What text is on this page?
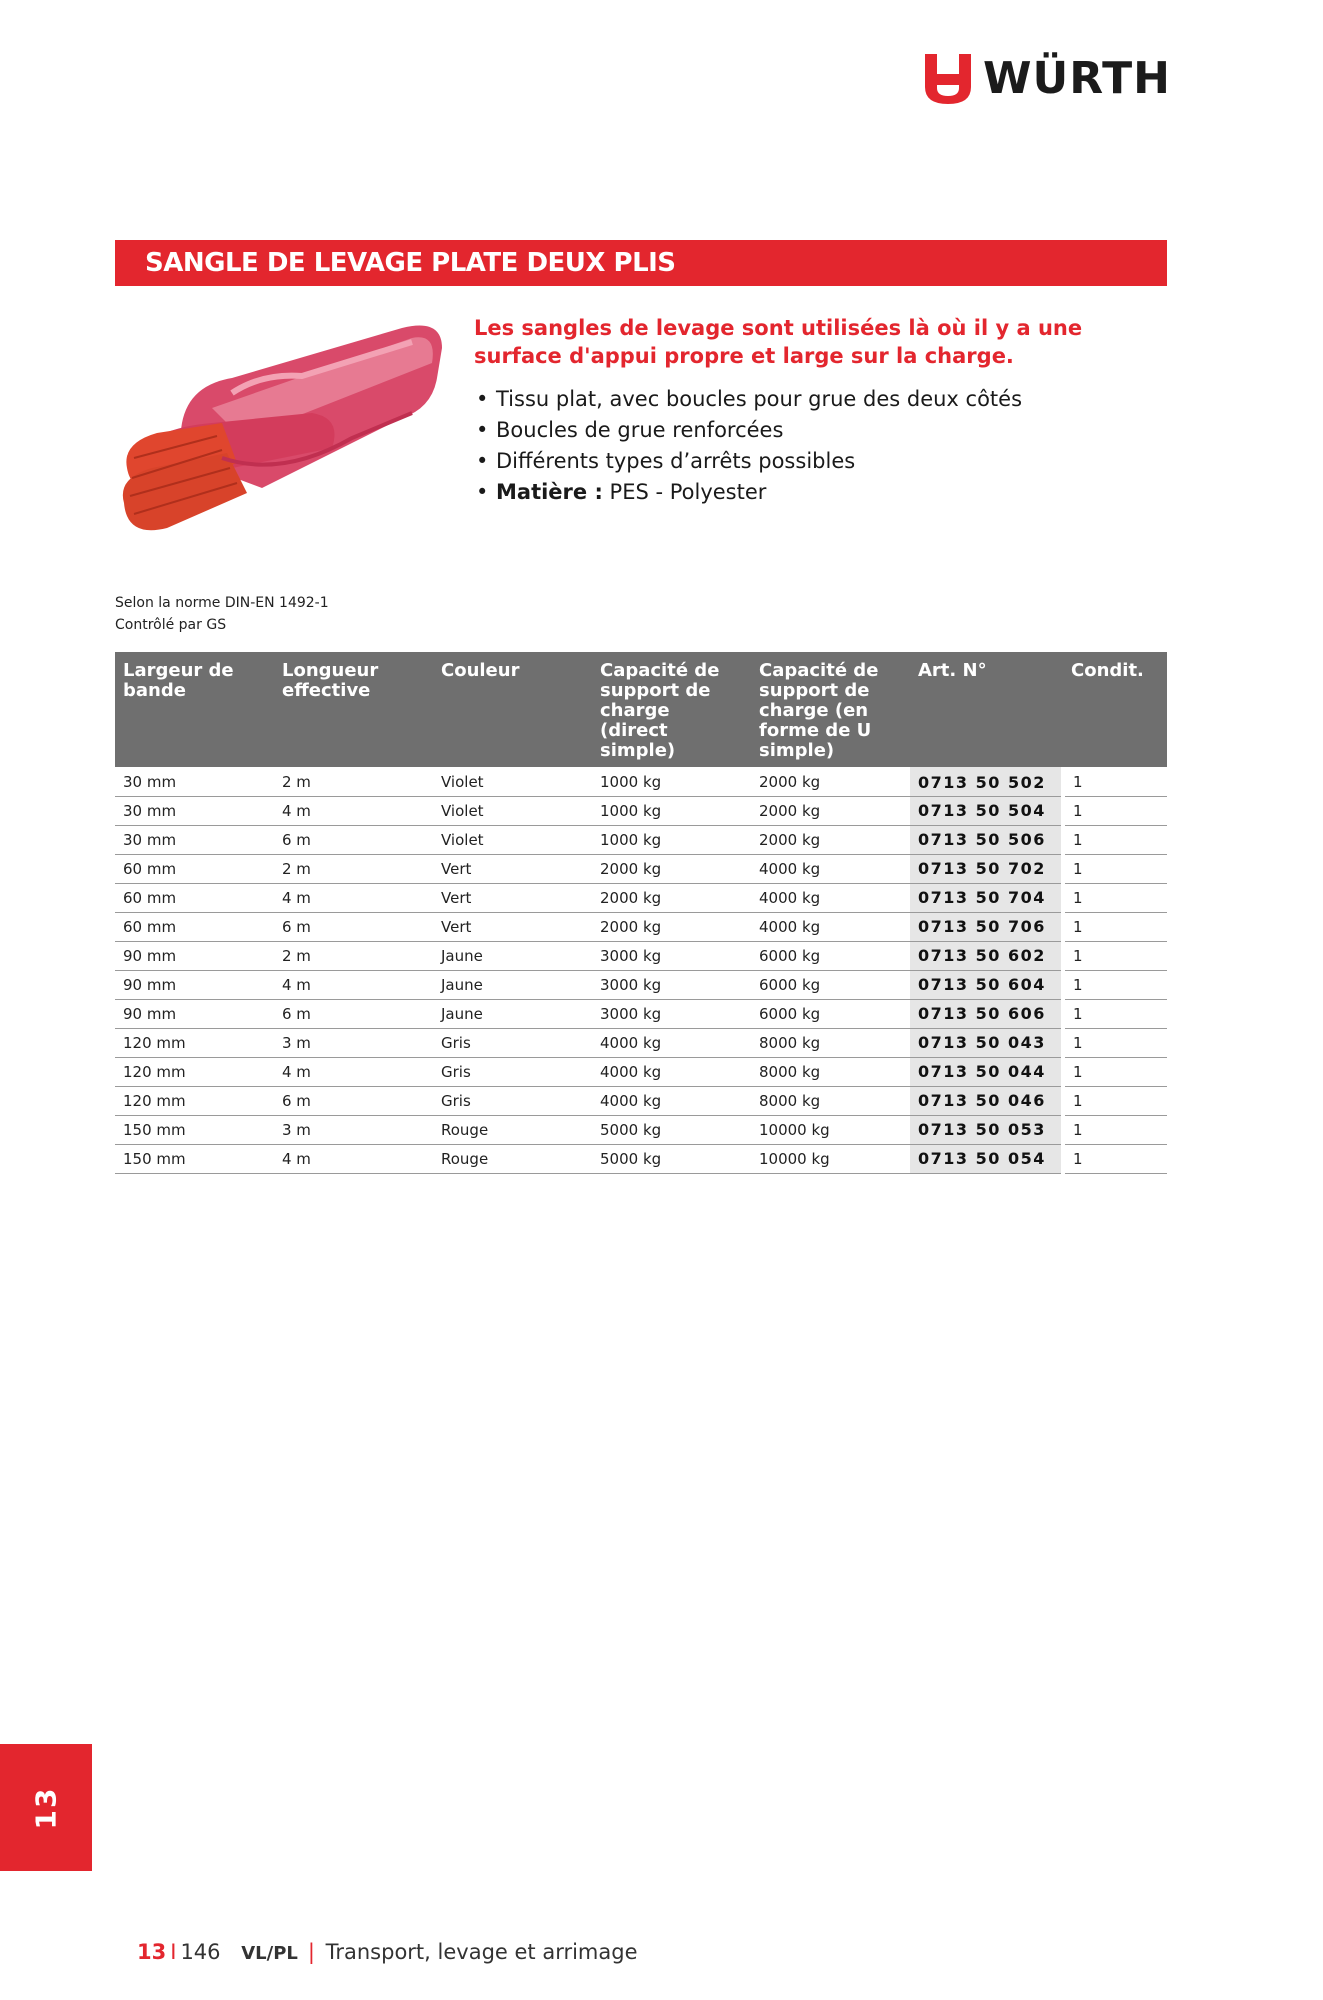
WÜRTH
SANGLE DE LEVAGE PLATE DEUX PLIS

Les sangles de levage sont utilisées là où il y a une surface d'appui propre et large sur la charge.

• Tissu plat, avec boucles pour grue des deux côtés
• Boucles de grue renforcées
• Différents types d’arrêts possibles
• Matière : PES - Polyester
Selon la norme DIN-EN 1492-1
Contrôlé par GS
Largeur de bande	Longueur effective	Couleur	Capacité de support de charge (direct simple)	Capacité de support de charge (en forme de U simple)	Art. N°	Condit.
30 mm	2 m	Violet	1000 kg	2000 kg	0713 50 502	1
30 mm	4 m	Violet	1000 kg	2000 kg	0713 50 504	1
30 mm	6 m	Violet	1000 kg	2000 kg	0713 50 506	1
60 mm	2 m	Vert	2000 kg	4000 kg	0713 50 702	1
60 mm	4 m	Vert	2000 kg	4000 kg	0713 50 704	1
60 mm	6 m	Vert	2000 kg	4000 kg	0713 50 706	1
90 mm	2 m	Jaune	3000 kg	6000 kg	0713 50 602	1
90 mm	4 m	Jaune	3000 kg	6000 kg	0713 50 604	1
90 mm	6 m	Jaune	3000 kg	6000 kg	0713 50 606	1
120 mm	3 m	Gris	4000 kg	8000 kg	0713 50 043	1
120 mm	4 m	Gris	4000 kg	8000 kg	0713 50 044	1
120 mm	6 m	Gris	4000 kg	8000 kg	0713 50 046	1
150 mm	3 m	Rouge	5000 kg	10000 kg	0713 50 053	1
150 mm	4 m	Rouge	5000 kg	10000 kg	0713 50 054	1
13
13 I 146 VL/PL | Transport, levage et arrimage
